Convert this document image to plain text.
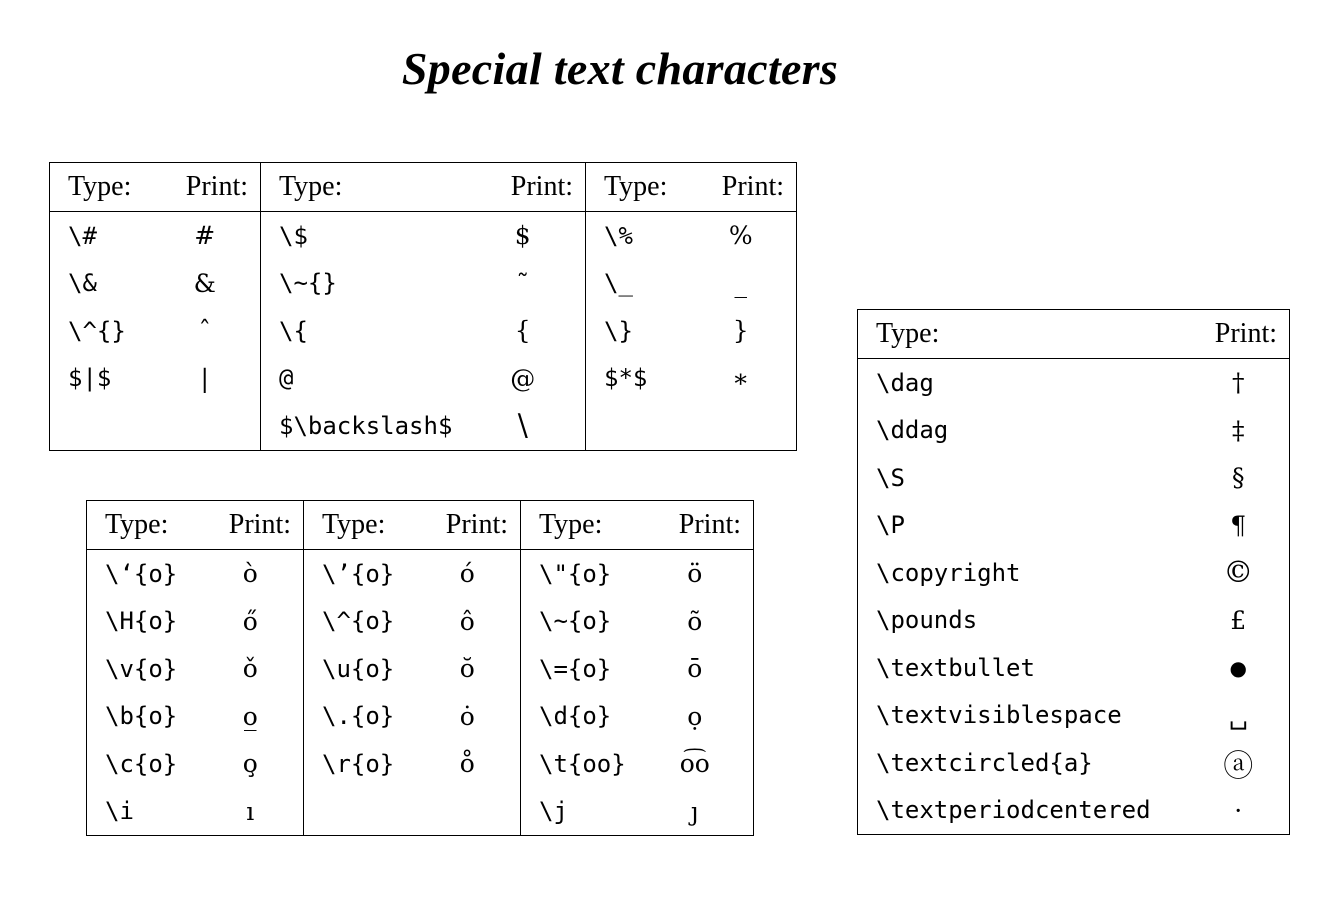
Special text characters
Type:	Print:	Type:	Print:	Type:	Print:
\#	#	\$	$	\%	%
\&	&	\~{}	˜	\_	_
\^{}	ˆ	\{	{	\}	}
$|$	|	@	@	$*$	∗
		$\backslash$	\		
Type:	Print:	Type:	Print:	Type:	Print:
\‘{o}	ò	\’{o}	ó	\"{o}	ö
\H{o}	ő	\^{o}	ô	\~{o}	õ
\v{o}	ǒ	\u{o}	ŏ	\={o}	ō
\b{o}	o̲	\.{o}	ȯ	\d{o}	ọ
\c{o}	o̧	\r{o}	o̊	\t{oo}	o͡o
\i	ı			\j	ȷ
Type:	Print:
\dag	†
\ddag	‡
\S	§
\P	¶
\copyright	©
\pounds	£
\textbullet	●
\textvisiblespace	␣
\textcircled{a}	ⓐ
\textperiodcentered	·
